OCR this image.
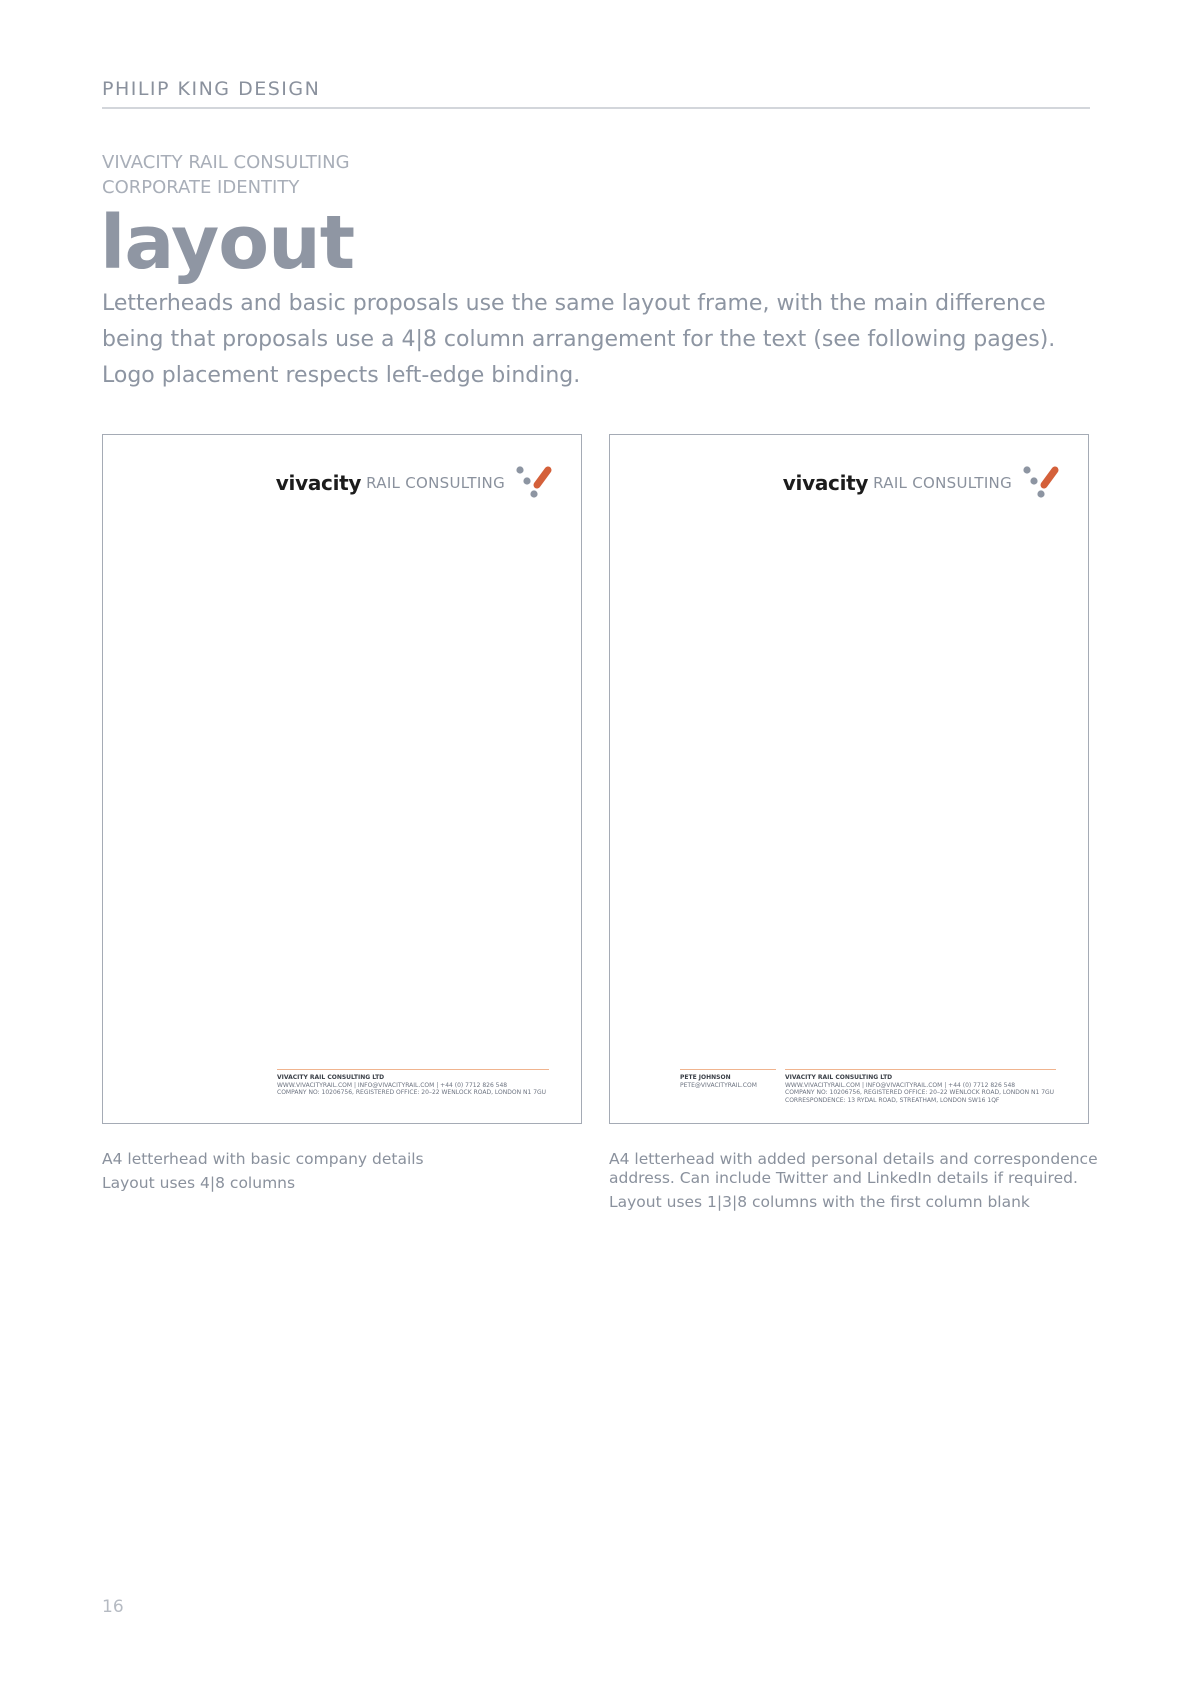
PHILIP KING DESIGN
VIVACITY RAIL CONSULTING
CORPORATE IDENTITY
layout
Letterheads and basic proposals use the same layout frame, with the main difference being that proposals use a 4|8 column arrangement for the text (see following pages). Logo placement respects left-edge binding.
vivacity RAIL CONSULTING
VIVACITY RAIL CONSULTING LTD
WWW.VIVACITYRAIL.COM | INFO@VIVACITYRAIL.COM | +44 (0) 7712 826 548
COMPANY NO: 10206756, REGISTERED OFFICE: 20–22 WENLOCK ROAD, LONDON N1 7GU
vivacity RAIL CONSULTING
PETE JOHNSON
PETE@VIVACITYRAIL.COM
VIVACITY RAIL CONSULTING LTD
WWW.VIVACITYRAIL.COM | INFO@VIVACITYRAIL.COM | +44 (0) 7712 826 548
COMPANY NO: 10206756, REGISTERED OFFICE: 20–22 WENLOCK ROAD, LONDON N1 7GU
CORRESPONDENCE: 13 RYDAL ROAD, STREATHAM, LONDON SW16 1QF
A4 letterhead with basic company details
Layout uses 4|8 columns
A4 letterhead with added personal details and correspondence address. Can include Twitter and LinkedIn details if required.
Layout uses 1|3|8 columns with the first column blank
16
